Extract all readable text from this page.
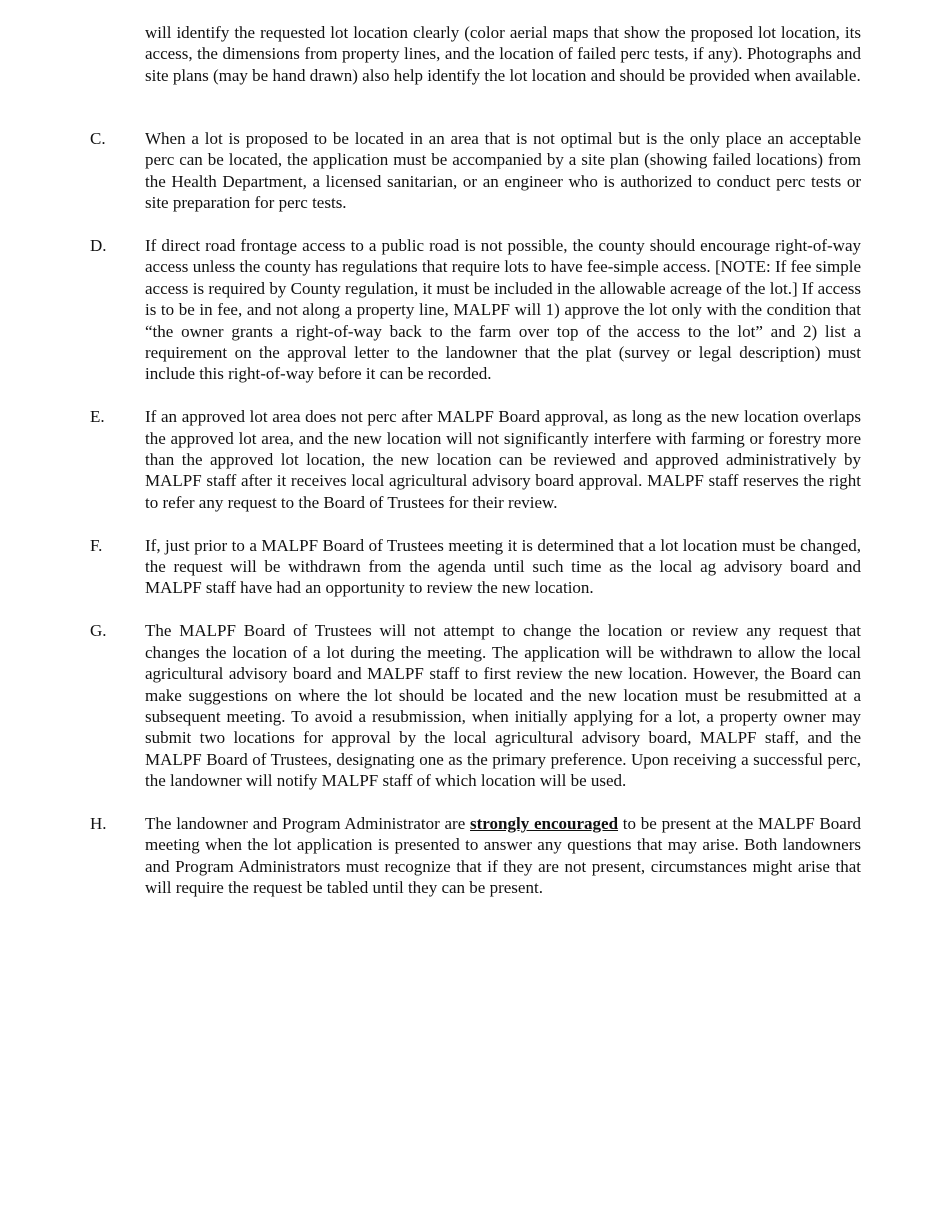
will identify the requested lot location clearly (color aerial maps that show the proposed lot location, its access, the dimensions from property lines, and the location of failed perc tests, if any). Photographs and site plans (may be hand drawn) also help identify the lot location and should be provided when available.

C. When a lot is proposed to be located in an area that is not optimal but is the only place an acceptable perc can be located, the application must be accompanied by a site plan (showing failed locations) from the Health Department, a licensed sanitarian, or an engineer who is authorized to conduct perc tests or site preparation for perc tests.

D. If direct road frontage access to a public road is not possible, the county should encourage right-of-way access unless the county has regulations that require lots to have fee-simple access. [NOTE: If fee simple access is required by County regulation, it must be included in the allowable acreage of the lot.] If access is to be in fee, and not along a property line, MALPF will 1) approve the lot only with the condition that “the owner grants a right-of-way back to the farm over top of the access to the lot” and 2) list a requirement on the approval letter to the landowner that the plat (survey or legal description) must include this right-of-way before it can be recorded.

E. If an approved lot area does not perc after MALPF Board approval, as long as the new location overlaps the approved lot area, and the new location will not significantly interfere with farming or forestry more than the approved lot location, the new location can be reviewed and approved administratively by MALPF staff after it receives local agricultural advisory board approval. MALPF staff reserves the right to refer any request to the Board of Trustees for their review.

F.	If, just prior to a MALPF Board of Trustees meeting it is determined that a lot location must be changed, the request will be withdrawn from the agenda until such time as the local ag advisory board and MALPF staff have had an opportunity to review the new location.

G. The MALPF Board of Trustees will not attempt to change the location or review any request that changes the location of a lot during the meeting. The application will be withdrawn to allow the local agricultural advisory board and MALPF staff to first review the new location. However, the Board can make suggestions on where the lot should be located and the new location must be resubmitted at a subsequent meeting. To avoid a resubmission, when initially applying for a lot, a property owner may submit two locations for approval by the local agricultural advisory board, MALPF staff, and the MALPF Board of Trustees, designating one as the primary preference. Upon receiving a successful perc, the landowner will notify MALPF staff of which location will be used.

H. The landowner and Program Administrator are strongly encouraged to be present at the MALPF Board meeting when the lot application is presented to answer any questions that may arise. Both landowners and Program Administrators must recognize that if they are not present, circumstances might arise that will require the request be tabled until they can be present.
